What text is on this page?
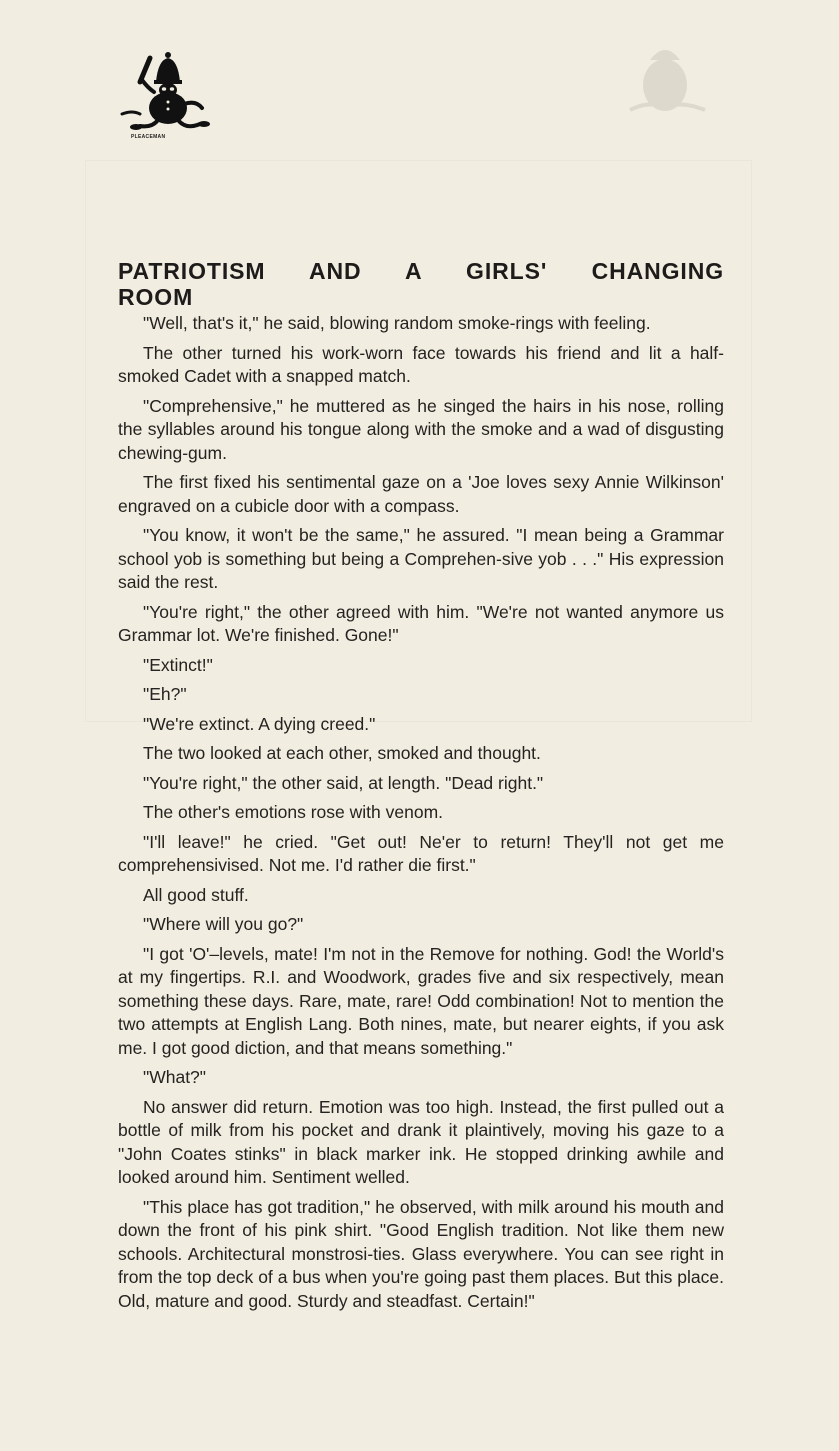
PLEACEMAN
PATRIOTISM AND A GIRLS' CHANGING ROOM

"Well, that's it," he said, blowing random smoke-rings with feeling.

The other turned his work-worn face towards his friend and lit a half-smoked Cadet with a snapped match.

"Comprehensive," he muttered as he singed the hairs in his nose, rolling the syllables around his tongue along with the smoke and a wad of disgusting chewing-gum.

The first fixed his sentimental gaze on a 'Joe loves sexy Annie Wilkinson' engraved on a cubicle door with a compass.

"You know, it won't be the same," he assured. "I mean being a Grammar school yob is something but being a Comprehen-sive yob . . ." His expression said the rest.

"You're right," the other agreed with him. "We're not wanted anymore us Grammar lot. We're finished. Gone!"

"Extinct!"

"Eh?"

"We're extinct. A dying creed."

The two looked at each other, smoked and thought.

"You're right," the other said, at length. "Dead right."

The other's emotions rose with venom.

"I'll leave!" he cried. "Get out! Ne'er to return! They'll not get me comprehensivised. Not me. I'd rather die first."

All good stuff.

"Where will you go?"

"I got 'O'–levels, mate! I'm not in the Remove for nothing. God! the World's at my fingertips. R.I. and Woodwork, grades five and six respectively, mean something these days. Rare, mate, rare! Odd combination! Not to mention the two attempts at English Lang. Both nines, mate, but nearer eights, if you ask me. I got good diction, and that means something."

"What?"

No answer did return. Emotion was too high. Instead, the first pulled out a bottle of milk from his pocket and drank it plaintively, moving his gaze to a "John Coates stinks" in black marker ink. He stopped drinking awhile and looked around him. Sentiment welled.

"This place has got tradition," he observed, with milk around his mouth and down the front of his pink shirt. "Good English tradition. Not like them new schools. Architectural monstrosi-ties. Glass everywhere. You can see right in from the top deck of a bus when you're going past them places. But this place. Old, mature and good. Sturdy and steadfast. Certain!"
